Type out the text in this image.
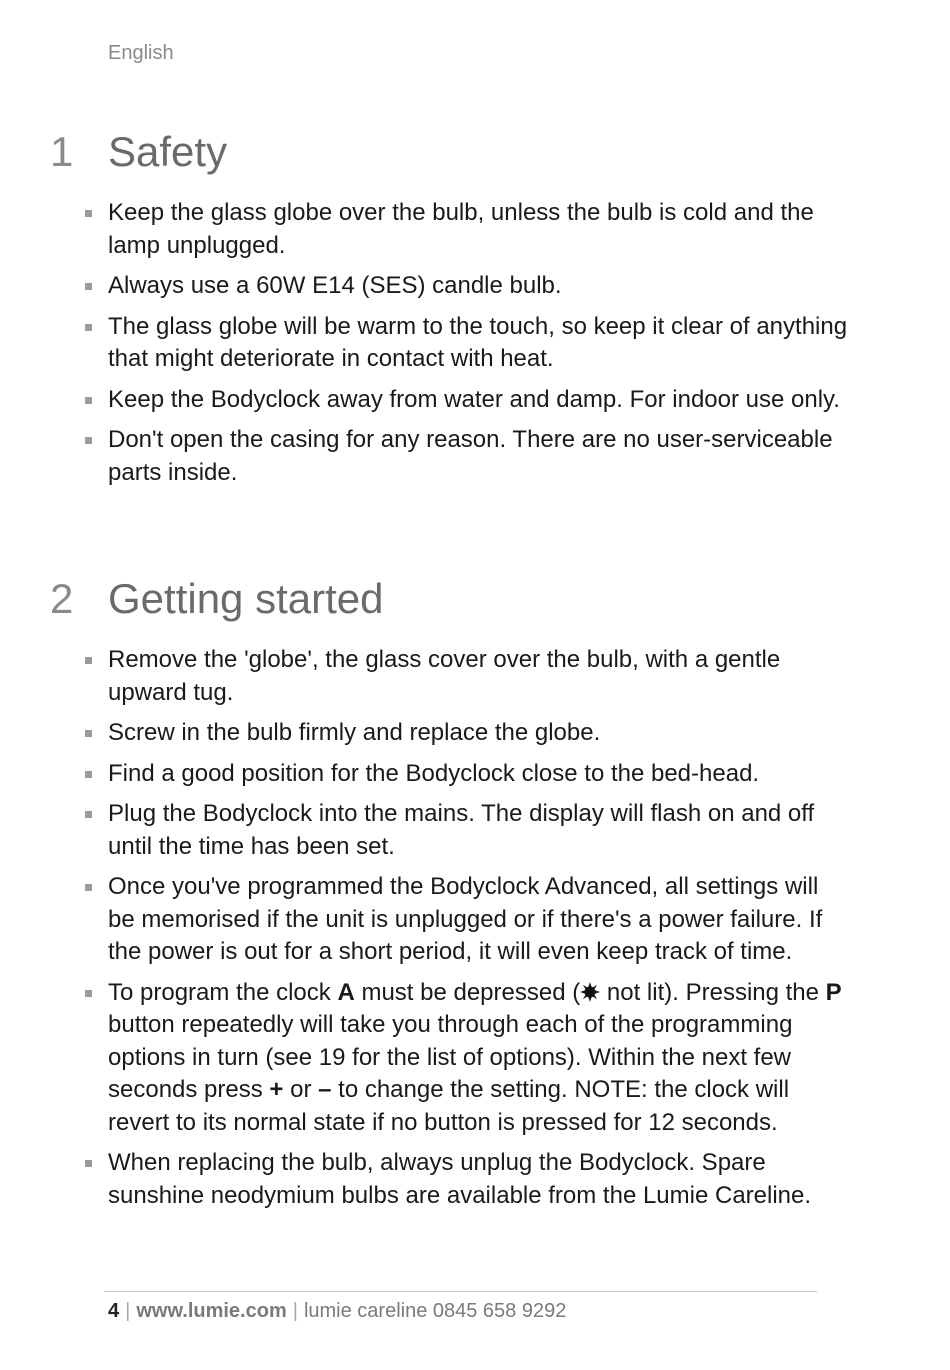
English
1 Safety
Keep the glass globe over the bulb, unless the bulb is cold and the lamp unplugged.
Always use a 60W E14 (SES) candle bulb.
The glass globe will be warm to the touch, so keep it clear of anything that might deteriorate in contact with heat.
Keep the Bodyclock away from water and damp. For indoor use only.
Don't open the casing for any reason. There are no user-serviceable parts inside.
2 Getting started
Remove the 'globe', the glass cover over the bulb, with a gentle upward tug.
Screw in the bulb firmly and replace the globe.
Find a good position for the Bodyclock close to the bed-head.
Plug the Bodyclock into the mains. The display will flash on and off until the time has been set.
Once you've programmed the Bodyclock Advanced, all settings will be memorised if the unit is unplugged or if there's a power failure. If the power is out for a short period, it will even keep track of time.
To program the clock A must be depressed ( not lit). Pressing the P button repeatedly will take you through each of the programming options in turn (see 19 for the list of options). Within the next few seconds press + or – to change the setting. NOTE: the clock will revert to its normal state if no button is pressed for 12 seconds.
When replacing the bulb, always unplug the Bodyclock. Spare sunshine neodymium bulbs are available from the Lumie Careline.
4 | www.lumie.com | lumie careline 0845 658 9292
